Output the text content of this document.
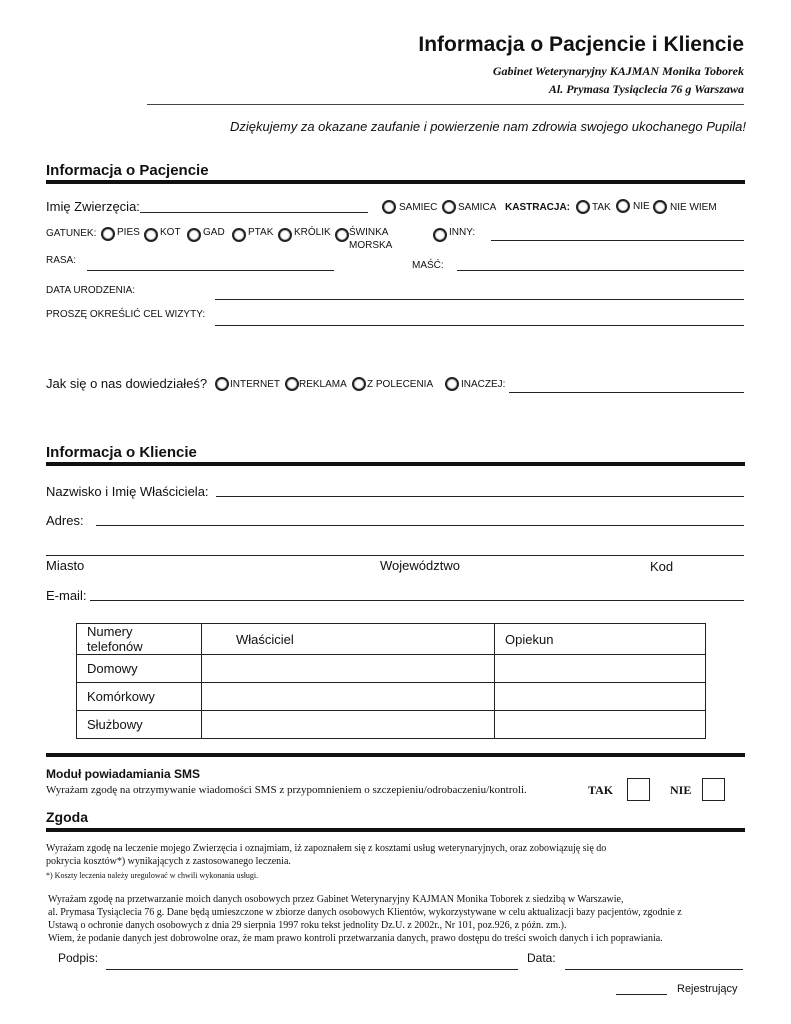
Informacja o Pacjencie i Kliencie
Gabinet Weterynaryjny KAJMAN Monika Toborek
Al. Prymasa Tysiąclecia 76 g Warszawa
Dziękujemy za okazane zaufanie i powierzenie nam zdrowia swojego ukochanego Pupila!
Informacja o Pacjencie
Imię Zwierzęcia:	SAMIEC SAMICA KASTRACJA: TAK NIE NIE WIEM
GATUNEK: PIES KOT GAD PTAK KRÓLIK ŚWINKA
MORSKA
INNY:
RASA:	MAŚĆ:
DATA URODZENIA:
PROSZĘ OKREŚLIĆ CEL WIZYTY:
Jak się o nas dowiedziałeś? INTERNET REKLAMA Z POLECENIA	INACZEJ:
Informacja o Kliencie
Nazwisko i Imię Właściciela:
Adres:
Miasto	Województwo	Kod
E-mail:
Numery telefonów	Właściciel	Opiekun
Domowy		
Komórkowy		
Służbowy		
Moduł powiadamiania SMS
Wyrażam zgodę na otrzymywanie wiadomości SMS z przypomnieniem o szczepieniu/odrobaczeniu/kontroli.	TAK	NIE
Zgoda
Wyrażam zgodę na leczenie mojego Zwierzęcia i oznajmiam, iż zapoznałem się z kosztami usług weterynaryjnych, oraz zobowiązuję się do
pokrycia kosztów*) wynikających z zastosowanego leczenia.
*) Koszty leczenia należy uregulować w chwili wykonania usługi.
Wyrażam zgodę na przetwarzanie moich danych osobowych przez Gabinet Weterynaryjny KAJMAN Monika Toborek z siedzibą w Warszawie,
al. Prymasa Tysiąclecia 76 g. Dane będą umieszczone w zbiorze danych osobowych Klientów, wykorzystywane w celu aktualizacji bazy pacjentów, zgodnie z
Ustawą o ochronie danych osobowych z dnia 29 sierpnia 1997 roku tekst jednolity Dz.U. z 2002r., Nr 101, poz.926, z późn. zm.).
Wiem, że podanie danych jest dobrowolne oraz, że mam prawo kontroli przetwarzania danych, prawo dostępu do treści swoich danych i ich poprawiania.
Podpis:	Data:
Rejestrujący
